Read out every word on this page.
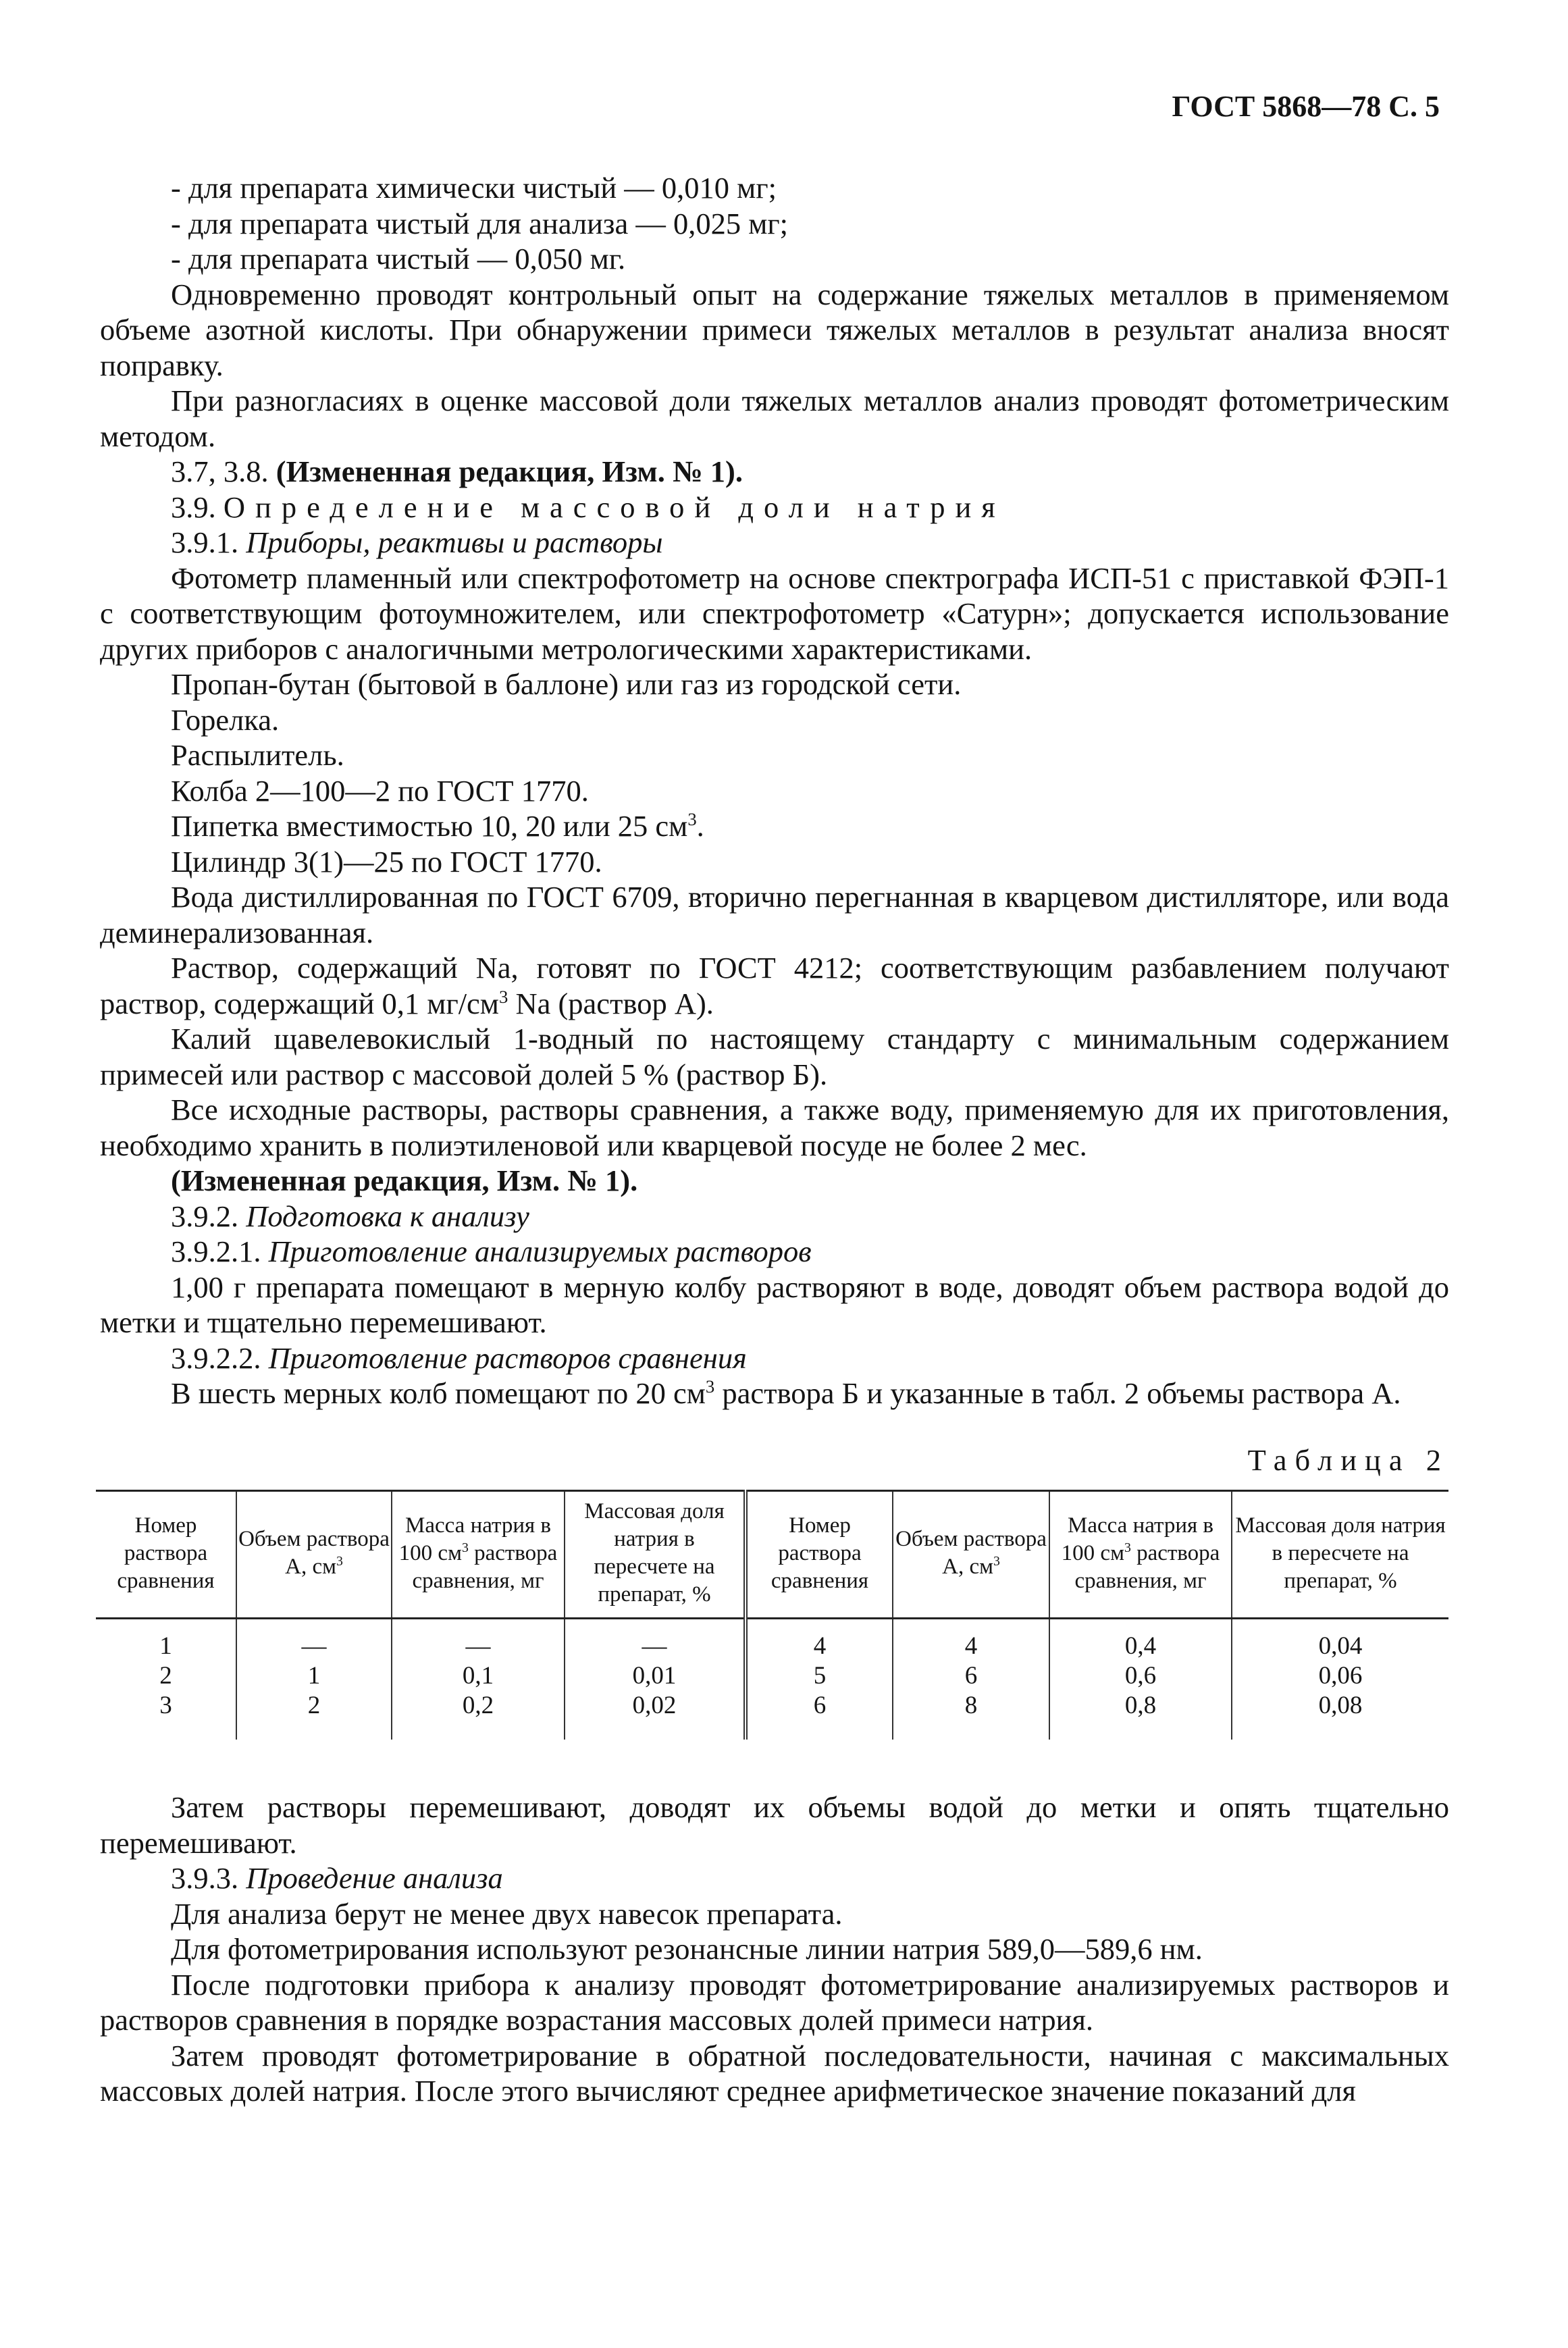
ГОСТ 5868—78 С. 5

- для препарата химически чистый — 0,010 мг;

- для препарата чистый для анализа — 0,025 мг;

- для препарата чистый — 0,050 мг.

Одновременно проводят контрольный опыт на содержание тяжелых металлов в применяемом объеме азотной кислоты. При обнаружении примеси тяжелых металлов в результат анализа вносят поправку.

При разногласиях в оценке массовой доли тяжелых металлов анализ проводят фотометрическим методом.

3.7, 3.8. (Измененная редакция, Изм. № 1).

3.9. Определение массовой доли натрия

3.9.1. Приборы, реактивы и растворы

Фотометр пламенный или спектрофотометр на основе спектрографа ИСП-51 с приставкой ФЭП-1 с соответствующим фотоумножителем, или спектрофотометр «Сатурн»; допускается использование других приборов с аналогичными метрологическими характеристиками.

Пропан-бутан (бытовой в баллоне) или газ из городской сети.

Горелка.

Распылитель.

Колба 2—100—2 по ГОСТ 1770.

Пипетка вместимостью 10, 20 или 25 $см^3$.

Цилиндр 3(1)—25 по ГОСТ 1770.

Вода дистиллированная по ГОСТ 6709, вторично перегнанная в кварцевом дистилляторе, или вода деминерализованная.

Раствор, содержащий Na, готовят по ГОСТ 4212; соответствующим разбавлением получают раствор, содержащий 0,1 $мг/см^3$ Na (раствор А).

Калий щавелевокислый 1-водный по настоящему стандарту с минимальным содержанием примесей или раствор с массовой долей 5 % (раствор Б).

Все исходные растворы, растворы сравнения, а также воду, применяемую для их приготовления, необходимо хранить в полиэтиленовой или кварцевой посуде не более 2 мес.

(Измененная редакция, Изм. № 1).

3.9.2. Подготовка к анализу

3.9.2.1. Приготовление анализируемых растворов

1,00 г препарата помещают в мерную колбу растворяют в воде, доводят объем раствора водой до метки и тщательно перемешивают.

3.9.2.2. Приготовление растворов сравнения

В шесть мерных колб помещают по 20 $см^3$ раствора Б и указанные в табл. 2 объемы раствора А.

Таблица 2

Номер раствора сравнения	Объем раствора А, $см^3$	Масса натрия в 100 $см^3$ раствора сравнения, мг	Массовая доля натрия в пересчете на препарат, %	Номер раствора сравнения	Объем раствора А, $см^3$	Масса натрия в 100 $см^3$ раствора сравнения, мг	Массовая доля натрия в пересчете на препарат, %
1	—	—	—	4	4	0,4	0,04
2	1	0,1	0,01	5	6	0,6	0,06
3	2	0,2	0,02	6	8	0,8	0,08

Затем растворы перемешивают, доводят их объемы водой до метки и опять тщательно перемешивают.

3.9.3. Проведение анализа

Для анализа берут не менее двух навесок препарата.

Для фотометрирования используют резонансные линии натрия 589,0—589,6 нм.

После подготовки прибора к анализу проводят фотометрирование анализируемых растворов и растворов сравнения в порядке возрастания массовых долей примеси натрия.

Затем проводят фотометрирование в обратной последовательности, начиная с максимальных массовых долей натрия. После этого вычисляют среднее арифметическое значение показаний для
